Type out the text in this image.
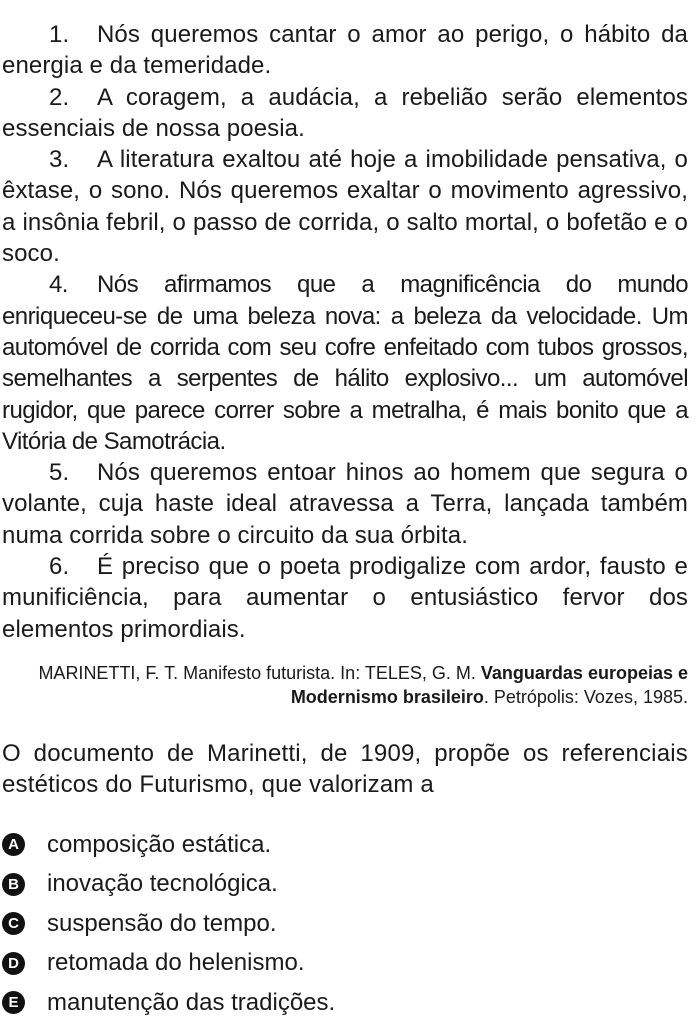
1. Nós queremos cantar o amor ao perigo, o hábito da energia e da temeridade.

2. A coragem, a audácia, a rebelião serão elementos essenciais de nossa poesia.

3. A literatura exaltou até hoje a imobilidade pensativa, o êxtase, o sono. Nós queremos exaltar o movimento agressivo, a insônia febril, o passo de corrida, o salto mortal, o bofetão e o soco.

4. Nós afirmamos que a magnificência do mundo enriqueceu-se de uma beleza nova: a beleza da velocidade. Um automóvel de corrida com seu cofre enfeitado com tubos grossos, semelhantes a serpentes de hálito explosivo... um automóvel rugidor, que parece correr sobre a metralha, é mais bonito que a Vitória de Samotrácia.

5. Nós queremos entoar hinos ao homem que segura o volante, cuja haste ideal atravessa a Terra, lançada também numa corrida sobre o circuito da sua órbita.

6. É preciso que o poeta prodigalize com ardor, fausto e munificiência, para aumentar o entusiástico fervor dos elementos primordiais.

MARINETTI, F. T. Manifesto futurista. In: TELES, G. M. Vanguardas europeias e Modernismo brasileiro. Petrópolis: Vozes, 1985.

O documento de Marinetti, de 1909, propõe os referenciais estéticos do Futurismo, que valorizam a

A composição estática.
B inovação tecnológica.
C suspensão do tempo.
D retomada do helenismo.
E manutenção das tradições.
